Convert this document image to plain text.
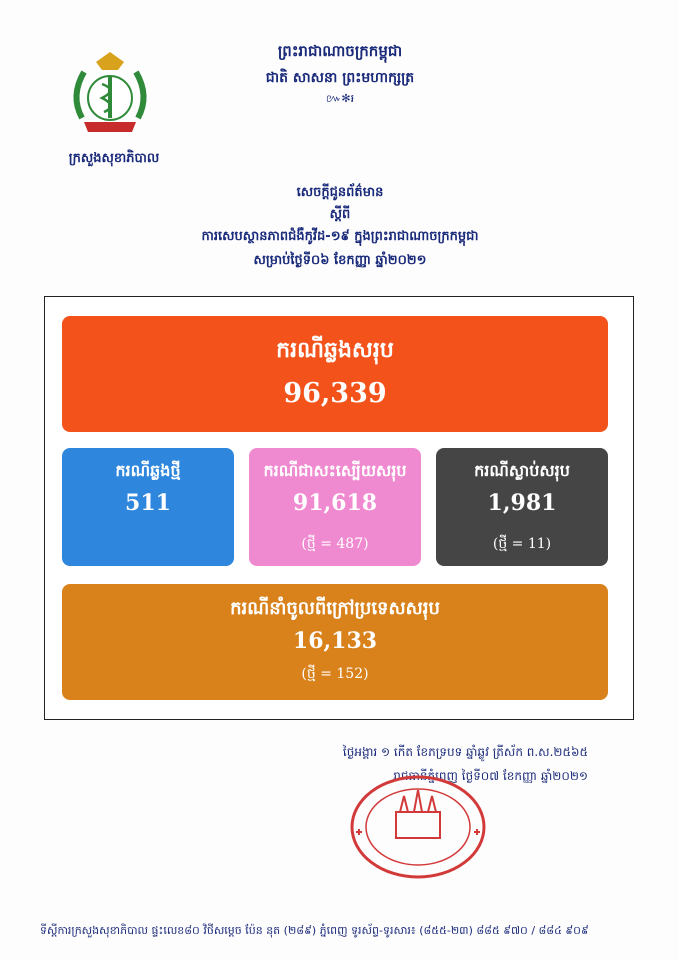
ព្រះរាជាណាចក្រកម្ពុជា
ជាតិ សាសនា ព្រះមហាក្សត្រ
៚✻៛
ក្រសួងសុខាភិបាល
សេចក្តីជូនព័ត៌មាន
ស្តីពី
ការសេបស្ថានភាពជំងឺកូវីដ-១៩ ក្នុងព្រះរាជាណាចក្រកម្ពុជា
សម្រាប់ថ្ងៃទី០៦ ខែកញ្ញា ឆ្នាំ២០២១
ករណីឆ្លងសរុប
96,339
ករណីឆ្លងថ្មី
511
ករណីជាសះស្បើយសរុប
91,618
(ថ្មី = 487)
ករណីស្លាប់សរុប
1,981
(ថ្មី = 11)
ករណីនាំចូលពីក្រៅប្រទេសសរុប
16,133
(ថ្មី = 152)
ថ្ងៃអង្គារ ១ កើត ខែភទ្របទ ឆ្នាំឆ្លូវ ត្រីស័ក ព.ស.២៥៦៥
រាជធានីភ្នំពេញ ថ្ងៃទី០៧ ខែកញ្ញា ឆ្នាំ២០២១
ទីស្តីការក្រសួងសុខាភិបាល ផ្ទះលេខ៨០ វិថីសម្តេច ប៉ែន នុត (២៨៩) ភ្នំពេញ ទូរស័ព្ទ-ទូរសារ៖ (៨៥៥-២៣) ៨៨៥ ៩៧០ / ៨៨៤ ៩០៩
